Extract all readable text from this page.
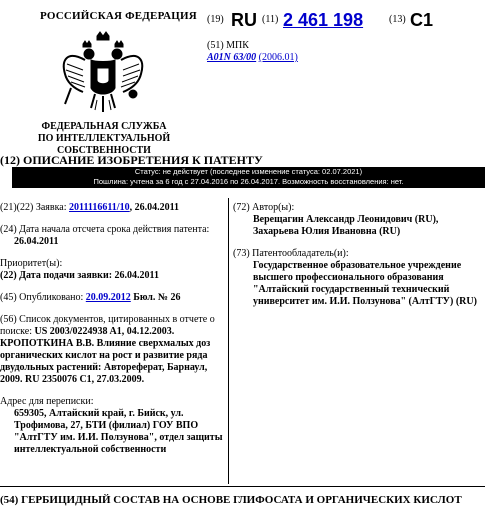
РОССИЙСКАЯ ФЕДЕРАЦИЯ
ФЕДЕРАЛЬНАЯ СЛУЖБА
ПО ИНТЕЛЛЕКТУАЛЬНОЙ СОБСТВЕННОСТИ
(19) RU (11) 2 461 198	(13) C1
(51) МПК
A01N 63/00 (2006.01)
(12) ОПИСАНИЕ ИЗОБРЕТЕНИЯ К ПАТЕНТУ
Статус: не действует (последнее изменение статуса: 02.07.2021)
Пошлина: учтена за 6 год с 27.04.2016 по 26.04.2017. Возможность восстановления: нет.
(21)(22) Заявка: 2011116611/10, 26.04.2011
(24) Дата начала отсчета срока действия патента:
26.04.2011
Приоритет(ы):
(22) Дата подачи заявки: 26.04.2011
(45) Опубликовано: 20.09.2012 Бюл. № 26
(56) Список документов, цитированных в отчете о поиске: US 2003/0224938 A1, 04.12.2003. КРОПОТКИНА В.В. Влияние сверхмалых доз органических кислот на рост и развитие ряда двудольных растений: Автореферат, Барнаул, 2009. RU 2350076 C1, 27.03.2009.
Адрес для переписки:
659305, Алтайский край, г. Бийск, ул. Трофимова, 27, БТИ (филиал) ГОУ ВПО "АлтГТУ им. И.И. Ползунова", отдел защиты интеллектуальной собственности
(72) Автор(ы):
Верещагин Александр Леонидович (RU),
Захарьева Юлия Ивановна (RU)
(73) Патентообладатель(и):
Государственное образовательное учреждение высшего профессионального образования "Алтайский государственный технический университет им. И.И. Ползунова" (АлтГТУ) (RU)
(54) ГЕРБИЦИДНЫЙ СОСТАВ НА ОСНОВЕ ГЛИФОСАТА И ОРГАНИЧЕСКИХ КИСЛОТ
